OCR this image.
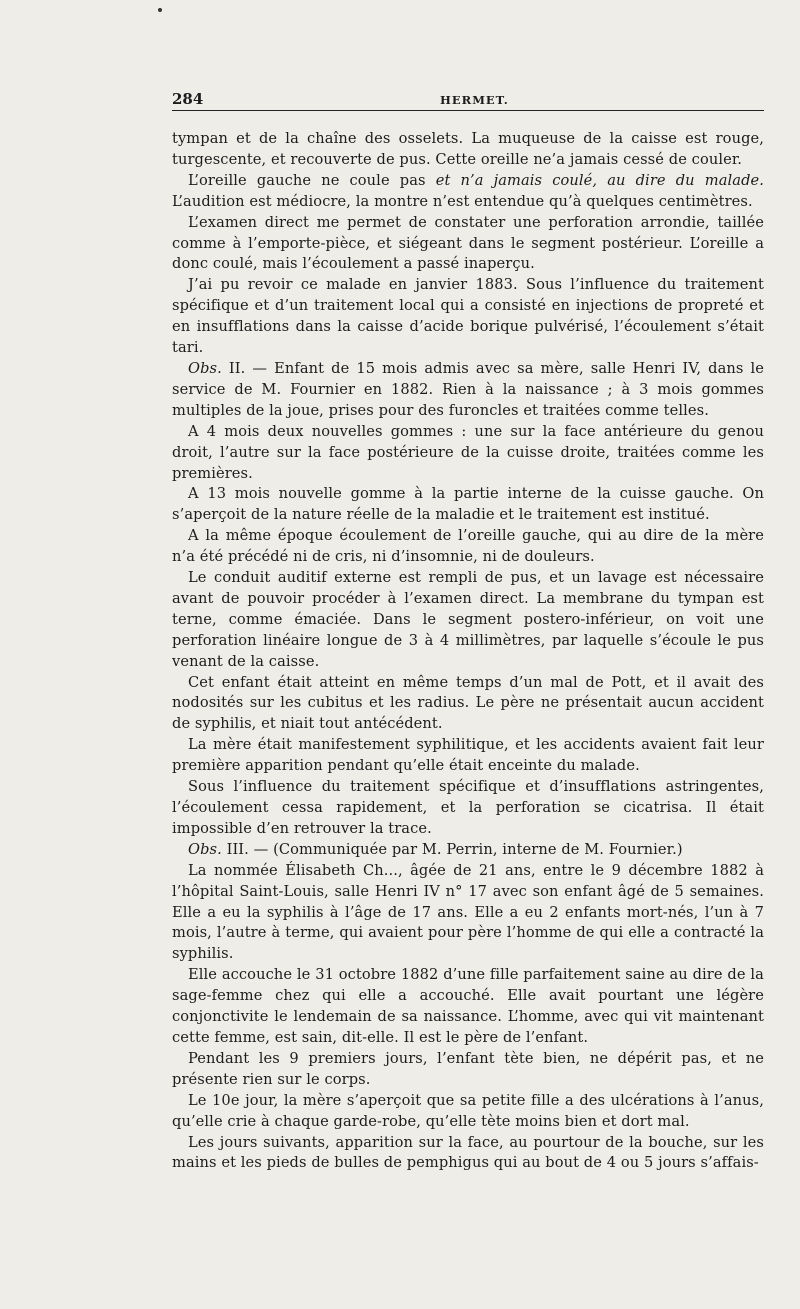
284	HERMET.

tympan et de la chaîne des osselets. La muqueuse de la caisse est rouge, turgescente, et recouverte de pus. Cette oreille ne’a jamais cessé de couler.

L’oreille gauche ne coule pas et n’a jamais coulé, au dire du malade. L’audition est médiocre, la montre n’est entendue qu’à quelques centimètres.

L’examen direct me permet de constater une perforation arrondie, taillée comme à l’emporte-pièce, et siégeant dans le segment postérieur. L’oreille a donc coulé, mais l’écoulement a passé inaperçu.

J’ai pu revoir ce malade en janvier 1883. Sous l’influence du traitement spécifique et d’un traitement local qui a consisté en injections de propreté et en insufflations dans la caisse d’acide borique pulvérisé, l’écoulement s’était tari.

Obs. II. — Enfant de 15 mois admis avec sa mère, salle Henri IV, dans le service de M. Fournier en 1882. Rien à la naissance ; à 3 mois gommes multiples de la joue, prises pour des furoncles et traitées comme telles.

A 4 mois deux nouvelles gommes : une sur la face antérieure du genou droit, l’autre sur la face postérieure de la cuisse droite, traitées comme les premières.

A 13 mois nouvelle gomme à la partie interne de la cuisse gauche. On s’aperçoit de la nature réelle de la maladie et le traitement est institué.

A la même époque écoulement de l’oreille gauche, qui au dire de la mère n’a été précédé ni de cris, ni d’insomnie, ni de douleurs.

Le conduit auditif externe est rempli de pus, et un lavage est nécessaire avant de pouvoir procéder à l’examen direct. La membrane du tympan est terne, comme émaciée. Dans le segment postero-inférieur, on voit une perforation linéaire longue de 3 à 4 millimètres, par laquelle s’écoule le pus venant de la caisse.

Cet enfant était atteint en même temps d’un mal de Pott, et il avait des nodosités sur les cubitus et les radius. Le père ne présentait aucun accident de syphilis, et niait tout antécédent.

La mère était manifestement syphilitique, et les accidents avaient fait leur première apparition pendant qu’elle était enceinte du malade.

Sous l’influence du traitement spécifique et d’insufflations astringentes, l’écoulement cessa rapidement, et la perforation se cicatrisa. Il était impossible d’en retrouver la trace.

Obs. III. — (Communiquée par M. Perrin, interne de M. Fournier.)

La nommée Élisabeth Ch..., âgée de 21 ans, entre le 9 décembre 1882 à l’hôpital Saint-Louis, salle Henri IV n° 17 avec son enfant âgé de 5 semaines. Elle a eu la syphilis à l’âge de 17 ans. Elle a eu 2 enfants mort-nés, l’un à 7 mois, l’autre à terme, qui avaient pour père l’homme de qui elle a contracté la syphilis.

Elle accouche le 31 octobre 1882 d’une fille parfaitement saine au dire de la sage-femme chez qui elle a accouché. Elle avait pourtant une légère conjonctivite le lendemain de sa naissance. L’homme, avec qui vit maintenant cette femme, est sain, dit-elle. Il est le père de l’enfant.

Pendant les 9 premiers jours, l’enfant tète bien, ne dépérit pas, et ne présente rien sur le corps.

Le 10e jour, la mère s’aperçoit que sa petite fille a des ulcérations à l’anus, qu’elle crie à chaque garde-robe, qu’elle tète moins bien et dort mal.

Les jours suivants, apparition sur la face, au pourtour de la bouche, sur les mains et les pieds de bulles de pemphigus qui au bout de 4 ou 5 jours s’affais-
